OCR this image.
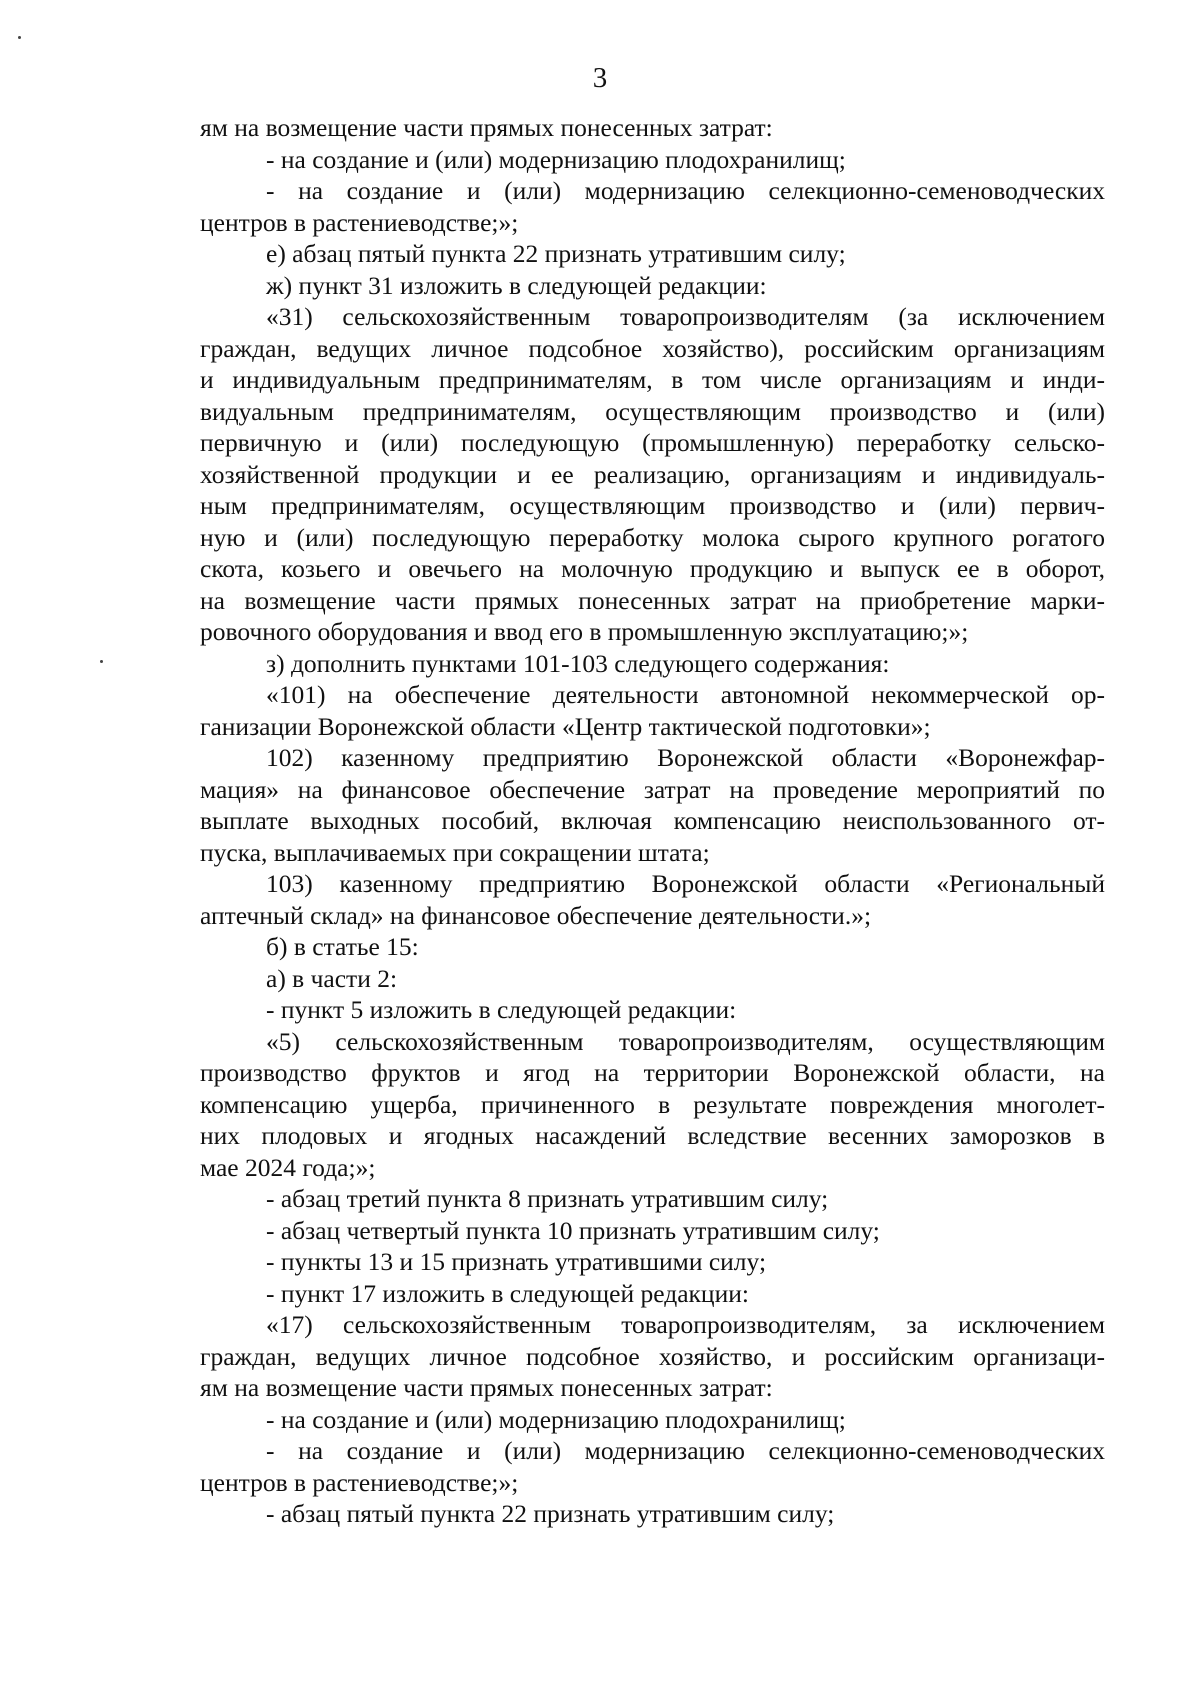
3
ям на возмещение части прямых понесенных затрат:
- на создание и (или) модернизацию плодохранилищ;
- на создание и (или) модернизацию селекционно-семеноводческих
центров в растениеводстве;»;
е) абзац пятый пункта 22 признать утратившим силу;
ж) пункт 31 изложить в следующей редакции:
«31) сельскохозяйственным товаропроизводителям (за исключением
граждан, ведущих личное подсобное хозяйство), российским организациям
и индивидуальным предпринимателям, в том числе организациям и инди-
видуальным предпринимателям, осуществляющим производство и (или)
первичную и (или) последующую (промышленную) переработку сельско-
хозяйственной продукции и ее реализацию, организациям и индивидуаль-
ным предпринимателям, осуществляющим производство и (или) первич-
ную и (или) последующую переработку молока сырого крупного рогатого
скота, козьего и овечьего на молочную продукцию и выпуск ее в оборот,
на возмещение части прямых понесенных затрат на приобретение марки-
ровочного оборудования и ввод его в промышленную эксплуатацию;»;
з) дополнить пунктами 101-103 следующего содержания:
«101) на обеспечение деятельности автономной некоммерческой ор-
ганизации Воронежской области «Центр тактической подготовки»;
102) казенному предприятию Воронежской области «Воронежфар-
мация» на финансовое обеспечение затрат на проведение мероприятий по
выплате выходных пособий, включая компенсацию неиспользованного от-
пуска, выплачиваемых при сокращении штата;
103) казенному предприятию Воронежской области «Региональный
аптечный склад» на финансовое обеспечение деятельности.»;
б) в статье 15:
а) в части 2:
- пункт 5 изложить в следующей редакции:
«5) сельскохозяйственным товаропроизводителям, осуществляющим
производство фруктов и ягод на территории Воронежской области, на
компенсацию ущерба, причиненного в результате повреждения многолет-
них плодовых и ягодных насаждений вследствие весенних заморозков в
мае 2024 года;»;
- абзац третий пункта 8 признать утратившим силу;
- абзац четвертый пункта 10 признать утратившим силу;
- пункты 13 и 15 признать утратившими силу;
- пункт 17 изложить в следующей редакции:
«17) сельскохозяйственным товаропроизводителям, за исключением
граждан, ведущих личное подсобное хозяйство, и российским организаци-
ям на возмещение части прямых понесенных затрат:
- на создание и (или) модернизацию плодохранилищ;
- на создание и (или) модернизацию селекционно-семеноводческих
центров в растениеводстве;»;
- абзац пятый пункта 22 признать утратившим силу;
